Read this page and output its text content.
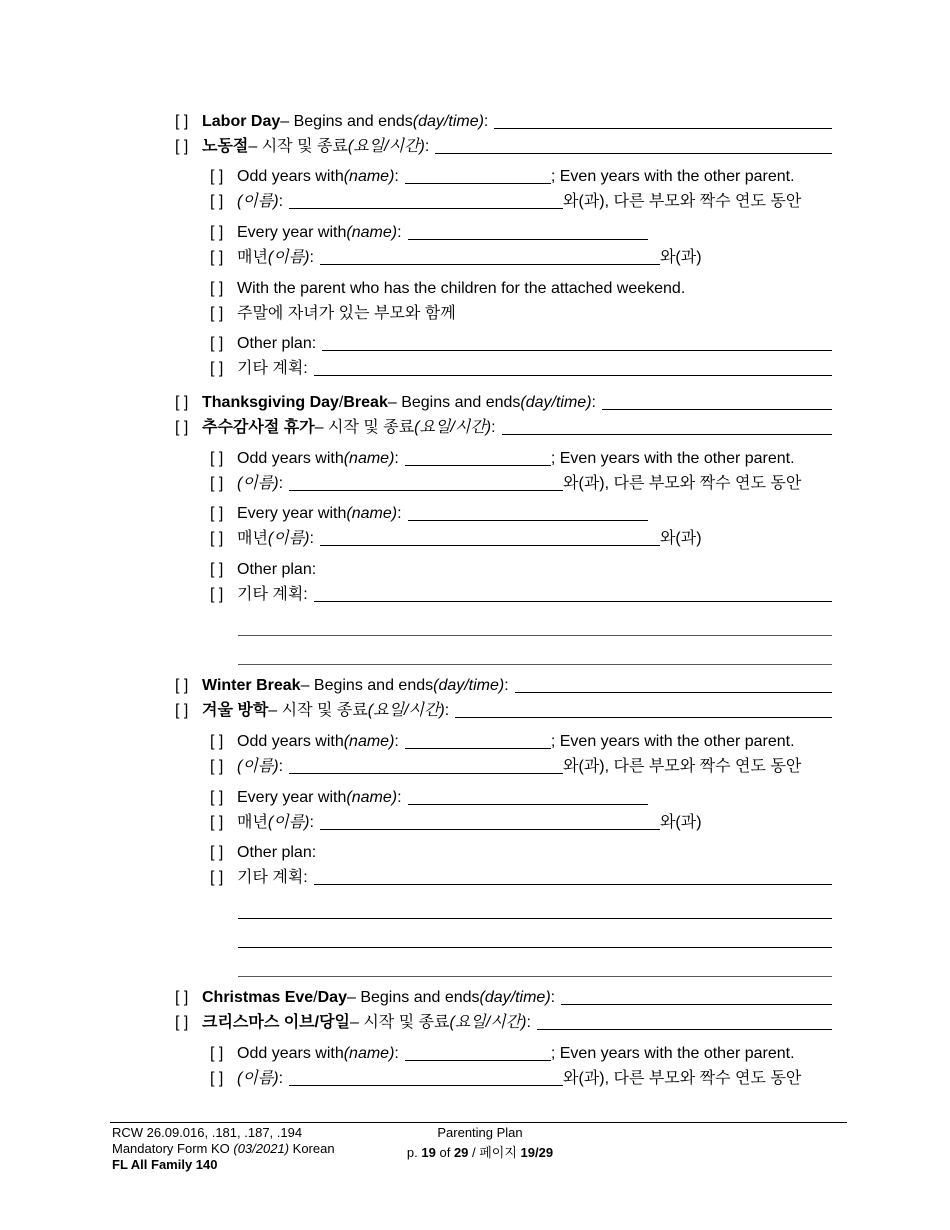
[ ] Labor Day – Begins and ends (day/time) :
[ ] 노동절 – 시작 및 종료 (요일/시간) :
[ ] Odd years with (name) :	; Even years with the other parent.
[ ] (이름) :	와(과), 다른 부모와 짝수 연도 동안
[ ] Every year with (name) :
[ ] 매년 (이름) :	와(과)
[ ] With the parent who has the children for the attached weekend.
[ ] 주말에 자녀가 있는 부모와 함께
[ ] Other plan:
[ ] 기타 계획:
[ ] Thanksgiving Day / Break – Begins and ends (day/time) :
[ ] 추수감사절 휴가 – 시작 및 종료 (요일/시간) :
[ ] Odd years with (name) :	; Even years with the other parent.
[ ] (이름) :	와(과), 다른 부모와 짝수 연도 동안
[ ] Every year with (name) :
[ ] 매년 (이름) :	와(과)
[ ] Other plan:
[ ] 기타 계획:
[ ] Winter Break – Begins and ends (day/time) :
[ ] 겨울 방학 – 시작 및 종료 (요일/시간) :
[ ] Odd years with (name) :	; Even years with the other parent.
[ ] (이름) :	와(과), 다른 부모와 짝수 연도 동안
[ ] Every year with (name) :
[ ] 매년 (이름) :	와(과)
[ ] Other plan:
[ ] 기타 계획:
[ ] Christmas Eve / Day – Begins and ends (day/time) :
[ ] 크리스마스 이브/당일 – 시작 및 종료 (요일/시간) :
[ ] Odd years with (name) :	; Even years with the other parent.
[ ] (이름) :	와(과), 다른 부모와 짝수 연도 동안
RCW 26.09.016, .181, .187, .194
Mandatory Form KO (03/2021) Korean
FL All Family 140
Parenting Plan
p. 19 of 29 / 페이지 19/29
